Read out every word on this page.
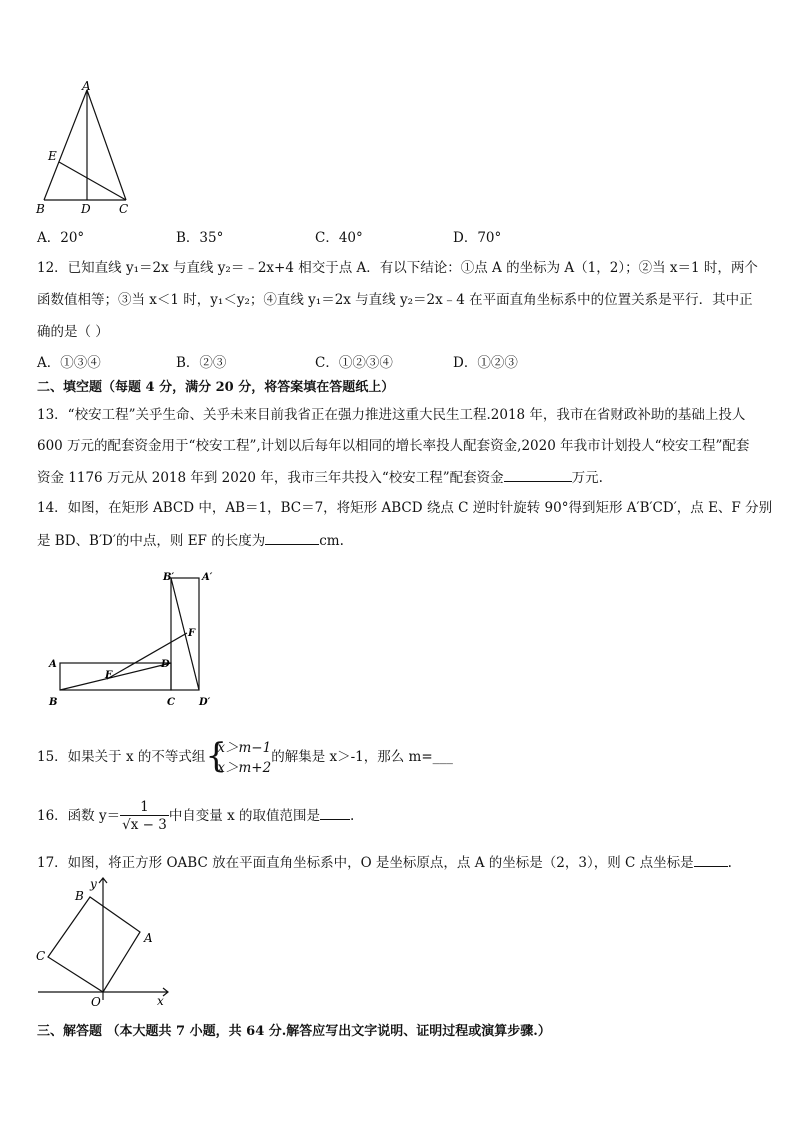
A
E
B	D C
A．20°	B．35°	C．40°	D．70°
12．已知直线 y₁＝2x 与直线 y₂＝﹣2x+4 相交于点 A．有以下结论：①点 A 的坐标为 A（1，2）；②当 x＝1 时，两个
函数值相等；③当 x＜1 时，y₁＜y₂；④直线 y₁＝2x 与直线 y₂＝2x﹣4 在平面直角坐标系中的位置关系是平行．其中正
确的是（ ）
A．①③④	B．②③	C．①②③④	D．①②③
二、填空题（每题 4 分，满分 20 分，将答案填在答题纸上）
13．“校安工程”关乎生命、关乎未来目前我省正在强力推进这重大民生工程.2018 年，我市在省财政补助的基础上投人
600 万元的配套资金用于“校安工程”,计划以后每年以相同的增长率投人配套资金,2020 年我市计划投人“校安工程”配套
资金 1176 万元从 2018 年到 2020 年，我市三年共投入“校安工程”配套资金	万元.
14．如图，在矩形 ABCD 中，AB＝1，BC＝7，将矩形 ABCD 绕点 C 逆时针旋转 90°得到矩形 A′B′CD′，点 E、F 分别
是 BD、B′D′的中点，则 EF 的长度为	cm.
B′	A′
F
A
E
D
B	C D′
15．如果关于 x 的不等式组 {
x＞m−1
x＞m+2
的解集是 x＞-1，那么 m=___
16．函数 $y= \frac{1}{√x - 3}$ 中自变量 x 的取值范围是 .
17．如图，将正方形 OABC 放在平面直角坐标系中，O 是坐标原点，点 A 的坐标是（2，3），则 C 点坐标是	.
y
B
A
C
O	x
三、解答题 （本大题共 7 小题，共 64 分.解答应写出文字说明、证明过程或演算步骤.）
